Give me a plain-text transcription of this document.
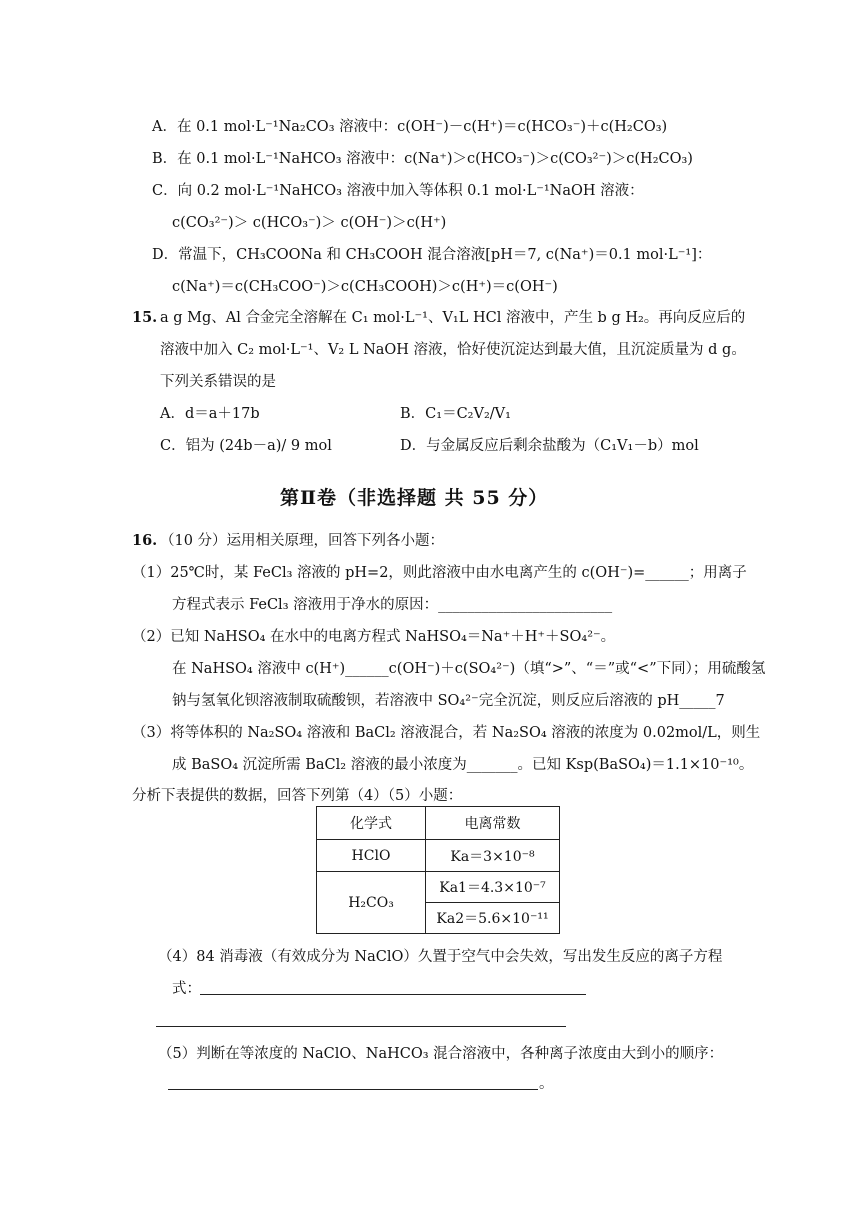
A．在 0.1 mol·L⁻¹Na₂CO₃ 溶液中：c(OH⁻)－c(H⁺)＝c(HCO₃⁻)＋c(H₂CO₃)
B．在 0.1 mol·L⁻¹NaHCO₃ 溶液中：c(Na⁺)＞c(HCO₃⁻)＞c(CO₃²⁻)＞c(H₂CO₃)
C．向 0.2 mol·L⁻¹NaHCO₃ 溶液中加入等体积 0.1 mol·L⁻¹NaOH 溶液：
c(CO₃²⁻)＞ c(HCO₃⁻)＞ c(OH⁻)＞c(H⁺)
D．常温下，CH₃COONa 和 CH₃COOH 混合溶液[pH＝7, c(Na⁺)＝0.1 mol·L⁻¹]：
c(Na⁺)＝c(CH₃COO⁻)＞c(CH₃COOH)＞c(H⁺)＝c(OH⁻)
15. a g Mg、Al 合金完全溶解在 C₁ mol·L⁻¹、V₁L HCl 溶液中，产生 b g H₂。再向反应后的
溶液中加入 C₂ mol·L⁻¹、V₂ L NaOH 溶液，恰好使沉淀达到最大值，且沉淀质量为 d g。
下列关系错误的是
A．d＝a＋17b	B．C₁＝C₂V₂/V₁
C．铝为 (24b－a)/ 9 mol	D．与金属反应后剩余盐酸为（C₁V₁－b）mol
第Ⅱ卷（非选择题 共 55 分）
16. （10 分）运用相关原理，回答下列各小题：
（1）25℃时，某 FeCl₃ 溶液的 pH=2，则此溶液中由水电离产生的 c(OH⁻)=______；用离子
方程式表示 FeCl₃ 溶液用于净水的原因：________________________
（2）已知 NaHSO₄ 在水中的电离方程式 NaHSO₄＝Na⁺＋H⁺＋SO₄²⁻。
在 NaHSO₄ 溶液中 c(H⁺)______c(OH⁻)＋c(SO₄²⁻)（填“>”、“＝”或“<”下同）；用硫酸氢
钠与氢氧化钡溶液制取硫酸钡，若溶液中 SO₄²⁻完全沉淀，则反应后溶液的 pH_____7
（3）将等体积的 Na₂SO₄ 溶液和 BaCl₂ 溶液混合，若 Na₂SO₄ 溶液的浓度为 0.02mol/L，则生
成 BaSO₄ 沉淀所需 BaCl₂ 溶液的最小浓度为_______。已知 Ksp(BaSO₄)＝1.1×10⁻¹⁰。
分析下表提供的数据，回答下列第（4）（5）小题：
化学式	电离常数
HClO	Ka＝3×10⁻⁸
H₂CO₃	Ka1＝4.3×10⁻⁷
	Ka2＝5.6×10⁻¹¹
（4）84 消毒液（有效成分为 NaClO）久置于空气中会失效，写出发生反应的离子方程
式：
（5）判断在等浓度的 NaClO、NaHCO₃ 混合溶液中，各种离子浓度由大到小的顺序：
。
